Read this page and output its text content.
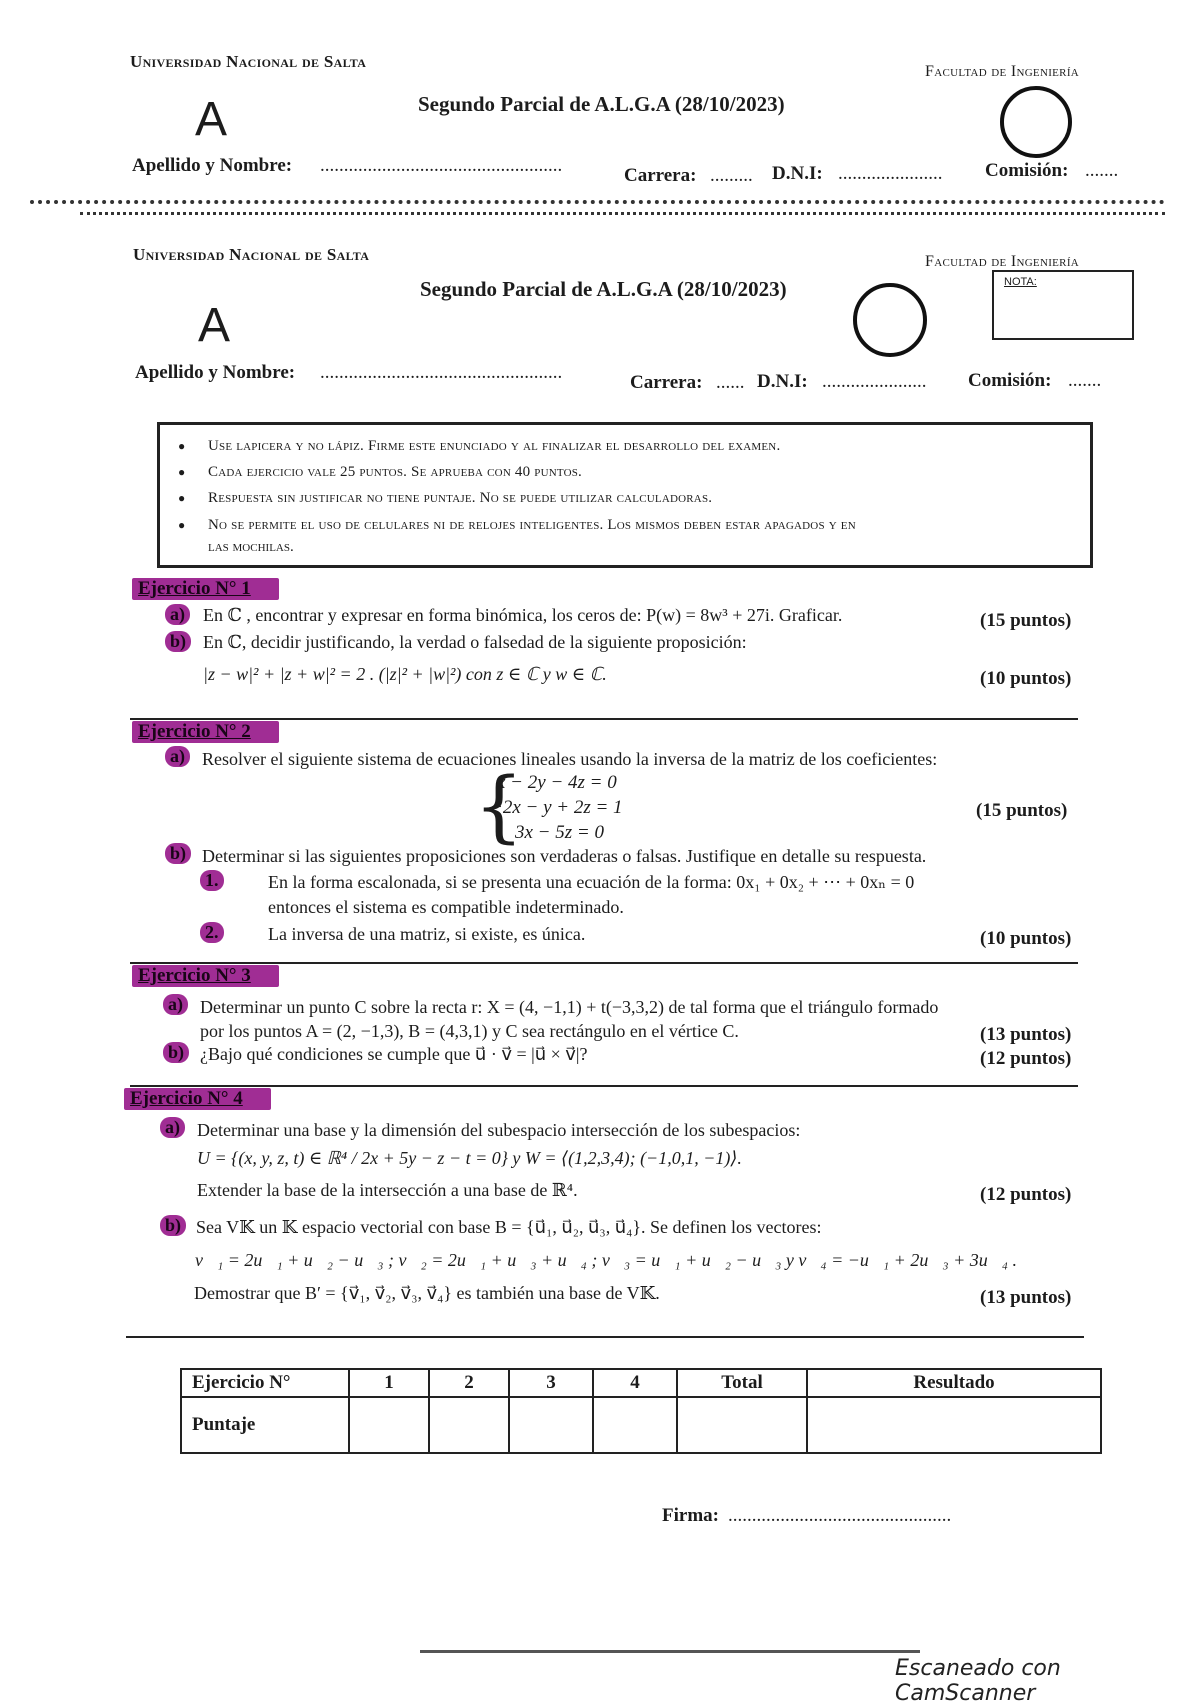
Universidad Nacional de Salta
Facultad de Ingeniería
Segundo Parcial de A.L.G.A (28/10/2023)
A
Apellido y Nombre: ...................................................	Carrera: ......... D.N.I: ...................... Comisión: .......
Universidad Nacional de Salta	Facultad de Ingeniería
Segundo Parcial de A.L.G.A (28/10/2023)
A
NOTA:
Apellido y Nombre: ...................................................	Carrera: ...... D.N.I: ...................... Comisión: .......
● Use lapicera y no lápiz. Firme este enunciado y al finalizar el desarrollo del examen.
● Cada ejercicio vale 25 puntos. Se aprueba con 40 puntos.
● Respuesta sin justificar no tiene puntaje. No se puede utilizar calculadoras.
● No se permite el uso de celulares ni de relojes inteligentes. Los mismos deben estar apagados y en
las mochilas.
Ejercicio N° 1
a) En ℂ , encontrar y expresar en forma binómica, los ceros de: P(w) = 8w³ + 27i. Graficar.	(15 puntos)
b) En ℂ, decidir justificando, la verdad o falsedad de la siguiente proposición:
|z − w|² + |z + w|² = 2 . (|z|² + |w|²) con z ∈ ℂ y w ∈ ℂ.	(10 puntos)
Ejercicio N° 2
a) Resolver el siguiente sistema de ecuaciones lineales usando la inversa de la matriz de los coeficientes:
{
x − 2y − 4z = 0
−2x − y + 2z = 1
3x − 5z = 0
(15 puntos)
b) Determinar si las siguientes proposiciones son verdaderas o falsas. Justifique en detalle su respuesta.
1.	En la forma escalonada, si se presenta una ecuación de la forma: 0x₁ + 0x₂ + ⋯ + 0xₙ = 0
entonces el sistema es compatible indeterminado.
2.	La inversa de una matriz, si existe, es única.	(10 puntos)
Ejercicio N° 3
a) Determinar un punto C sobre la recta r: X = (4, −1,1) + t(−3,3,2) de tal forma que el triángulo formado
por los puntos A = (2, −1,3), B = (4,3,1) y C sea rectángulo en el vértice C.	(13 puntos)
b) ¿Bajo qué condiciones se cumple que u⃗ · v⃗ = |u⃗ × v⃗|?	(12 puntos)
Ejercicio N° 4
a) Determinar una base y la dimensión del subespacio intersección de los subespacios:
U = {(x, y, z, t) ∈ ℝ⁴ / 2x + 5y − z − t = 0} y W = ⟨(1,2,3,4); (−1,0,1, −1)⟩.
Extender la base de la intersección a una base de ℝ⁴.	(12 puntos)
b) Sea V𝕂 un 𝕂 espacio vectorial con base B = {u⃗₁, u⃗₂, u⃗₃, u⃗₄}. Se definen los vectores:
v⃗₁ = 2u⃗₁ + u⃗₂ − u⃗₃ ; v⃗₂ = 2u⃗₁ + u⃗₃ + u⃗₄ ; v⃗₃ = u⃗₁ + u⃗₂ − u⃗₃ y v⃗₄ = −u⃗₁ + 2u⃗₃ + 3u⃗₄ .
Demostrar que B′ = {v⃗₁, v⃗₂, v⃗₃, v⃗₄} es también una base de V𝕂.	(13 puntos)
Ejercicio N°	1	2	3	4	Total	Resultado
Puntaje						
Firma: ...............................................
Escaneado con CamScanner
